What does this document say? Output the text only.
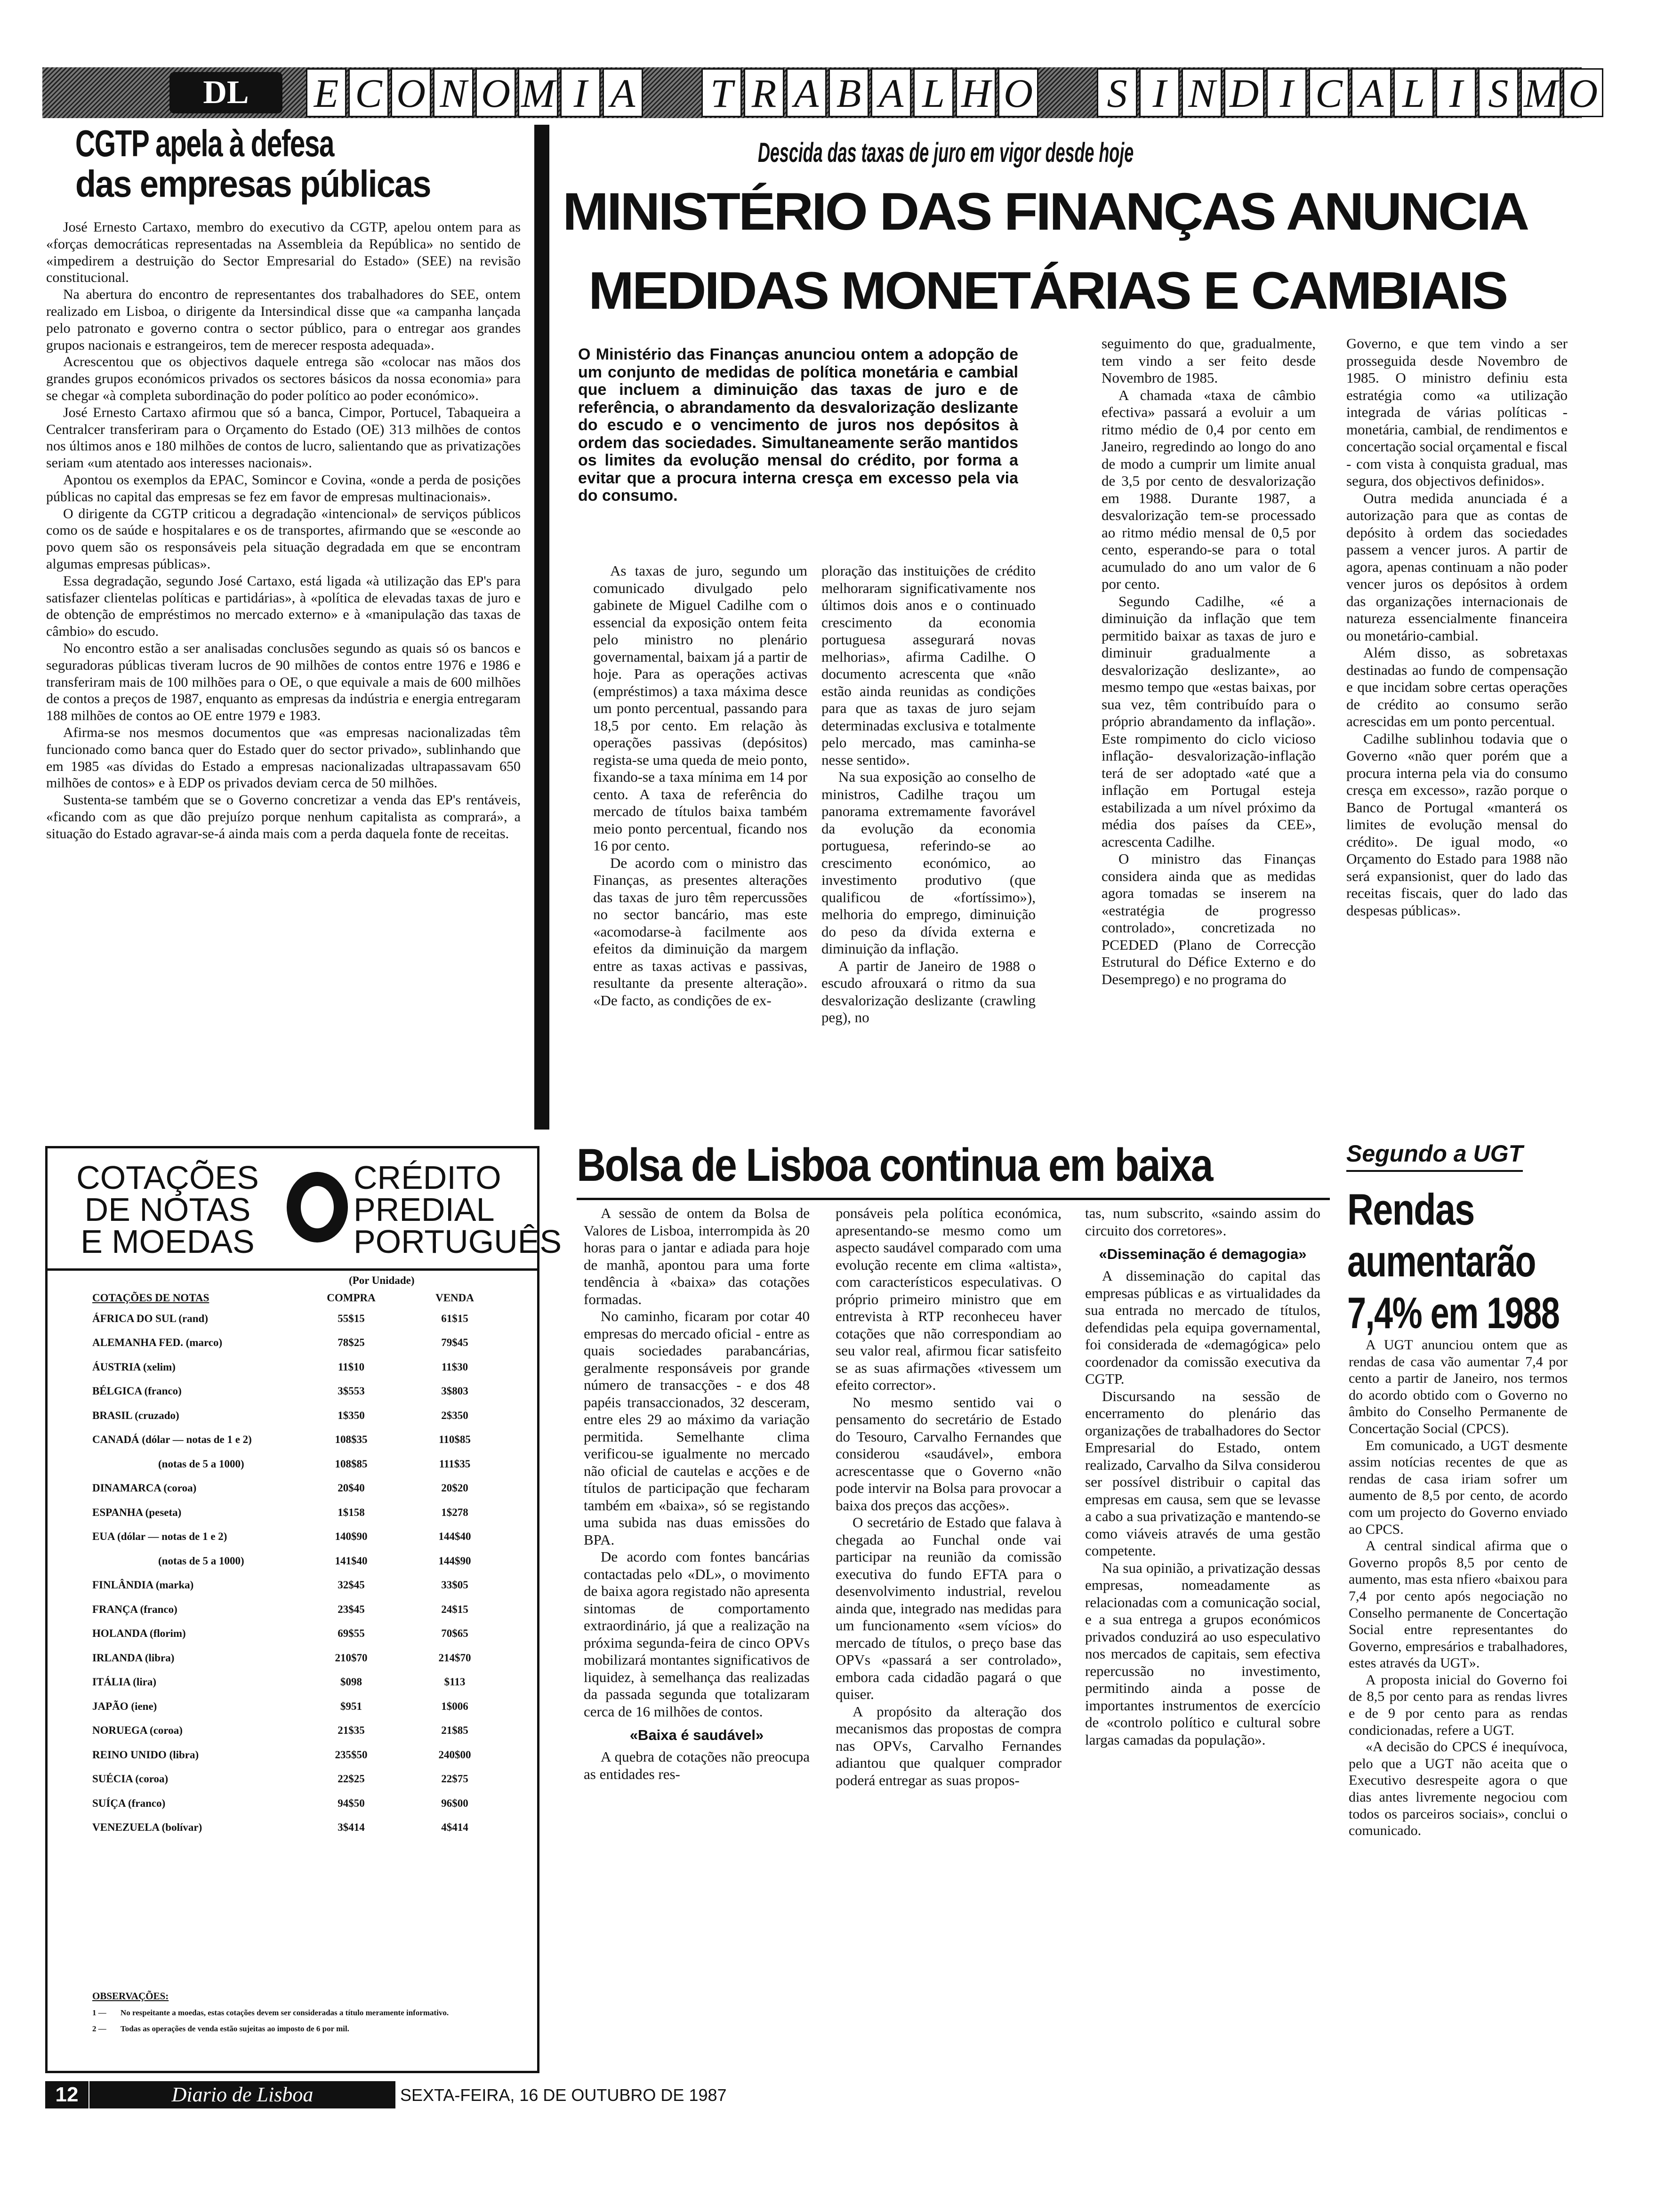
DL	E C O N O M I A T R A B A L H O S I N D I C A L I S M O
CGTP apela à defesa
das empresas públicas

José Ernesto Cartaxo, membro do executivo da CGTP, apelou ontem para as «forças democráticas representadas na Assembleia da República» no sentido de «impedirem a destruição do Sector Empresarial do Estado» (SEE) na revisão constitucional.

Na abertura do encontro de representantes dos trabalhadores do SEE, ontem realizado em Lisboa, o dirigente da Intersindical disse que «a campanha lançada pelo patronato e governo contra o sector público, para o entregar aos grandes grupos nacionais e estrangeiros, tem de merecer resposta adequada».

Acrescentou que os objectivos daquele entrega são «colocar nas mãos dos grandes grupos económicos privados os sectores básicos da nossa economia» para se chegar «à completa subordinação do poder político ao poder económico».

José Ernesto Cartaxo afirmou que só a banca, Cimpor, Portucel, Tabaqueira a Centralcer transferiram para o Orçamento do Estado (OE) 313 milhões de contos nos últimos anos e 180 milhões de contos de lucro, salientando que as privatizações seriam «um atentado aos interesses nacionais».

Apontou os exemplos da EPAC, Somincor e Covina, «onde a perda de posições públicas no capital das empresas se fez em favor de empresas multinacionais».

O dirigente da CGTP criticou a degradação «intencional» de serviços públicos como os de saúde e hospitalares e os de transportes, afirmando que se «esconde ao povo quem são os responsáveis pela situação degradada em que se encontram algumas empresas públicas».

Essa degradação, segundo José Cartaxo, está ligada «à utilização das EP's para satisfazer clientelas políticas e partidárias», à «política de elevadas taxas de juro e de obtenção de empréstimos no mercado externo» e à «manipulação das taxas de câmbio» do escudo.

No encontro estão a ser analisadas conclusões segundo as quais só os bancos e seguradoras públicas tiveram lucros de 90 milhões de contos entre 1976 e 1986 e transferiram mais de 100 milhões para o OE, o que equivale a mais de 600 milhões de contos a preços de 1987, enquanto as empresas da indústria e energia entregaram 188 milhões de contos ao OE entre 1979 e 1983.

Afirma-se nos mesmos documentos que «as empresas nacionalizadas têm funcionado como banca quer do Estado quer do sector privado», sublinhando que em 1985 «as dívidas do Estado a empresas nacionalizadas ultrapassavam 650 milhões de contos» e à EDP os privados deviam cerca de 50 milhões.

Sustenta-se também que se o Governo concretizar a venda das EP's rentáveis, «ficando com as que dão prejuízo porque nenhum capitalista as comprará», a situação do Estado agravar-se-á ainda mais com a perda daquela fonte de receitas.

Descida das taxas de juro em vigor desde hoje
MINISTÉRIO DAS FINANÇAS ANUNCIA
MEDIDAS MONETÁRIAS E CAMBIAIS
O Ministério das Finanças anunciou ontem a adopção de um conjunto de medidas de política monetária e cambial que incluem a diminuição das taxas de juro e de referência, o abrandamento da desvalorização deslizante do escudo e o vencimento de juros nos depósitos à ordem das sociedades. Simultaneamente serão mantidos os limites da evolução mensal do crédito, por forma a evitar que a procura interna cresça em excesso pela via do consumo.

As taxas de juro, segundo um comunicado divulgado pelo gabinete de Miguel Cadilhe com o essencial da exposição ontem feita pelo ministro no plenário governamental, baixam já a partir de hoje. Para as operações activas (empréstimos) a taxa máxima desce um ponto percentual, passando para 18,5 por cento. Em relação às operações passivas (depósitos) regista-se uma queda de meio ponto, fixando-se a taxa mínima em 14 por cento. A taxa de referência do mercado de títulos baixa também meio ponto percentual, ficando nos 16 por cento.

De acordo com o ministro das Finanças, as presentes alterações das taxas de juro têm repercussões no sector bancário, mas este «acomodarse-à facilmente aos efeitos da diminuição da margem entre as taxas activas e passivas, resultante da presente alteração». «De facto, as condições de ex-

ploração das instituições de crédito melhoraram significativamente nos últimos dois anos e o continuado crescimento da economia portuguesa assegurará novas melhorias», afirma Cadilhe. O documento acrescenta que «não estão ainda reunidas as condições para que as taxas de juro sejam determinadas exclusiva e totalmente pelo mercado, mas caminha-se nesse sentido».

Na sua exposição ao conselho de ministros, Cadilhe traçou um panorama extremamente favorável da evolução da economia portuguesa, referindo-se ao crescimento económico, ao investimento produtivo (que qualificou de «fortíssimo»), melhoria do emprego, diminuição do peso da dívida externa e diminuição da inflação.

A partir de Janeiro de 1988 o escudo afrouxará o ritmo da sua desvalorização deslizante (crawling peg), no

seguimento do que, gradualmente, tem vindo a ser feito desde Novembro de 1985.

A chamada «taxa de câmbio efectiva» passará a evoluir a um ritmo médio de 0,4 por cento em Janeiro, regredindo ao longo do ano de modo a cumprir um limite anual de 3,5 por cento de desvalorização em 1988. Durante 1987, a desvalorização tem-se processado ao ritmo médio mensal de 0,5 por cento, esperando-se para o total acumulado do ano um valor de 6 por cento.

Segundo Cadilhe, «é a diminuição da inflação que tem permitido baixar as taxas de juro e diminuir gradualmente a desvalorização deslizante», ao mesmo tempo que «estas baixas, por sua vez, têm contribuído para o próprio abrandamento da inflação». Este rompimento do ciclo vicioso inflação- desvalorização-inflação terá de ser adoptado «até que a inflação em Portugal esteja estabilizada a um nível próximo da média dos países da CEE», acrescenta Cadilhe.

O ministro das Finanças considera ainda que as medidas agora tomadas se inserem na «estratégia de progresso controlado», concretizada no PCEDED (Plano de Correcção Estrutural do Défice Externo e do Desemprego) e no programa do

Governo, e que tem vindo a ser prosseguida desde Novembro de 1985. O ministro definiu esta estratégia como «a utilização integrada de várias políticas - monetária, cambial, de rendimentos e concertação social orçamental e fiscal - com vista à conquista gradual, mas segura, dos objectivos definidos».

Outra medida anunciada é a autorização para que as contas de depósito à ordem das sociedades passem a vencer juros. A partir de agora, apenas continuam a não poder vencer juros os depósitos à ordem das organizações internacionais de natureza essencialmente financeira ou monetário-cambial.

Além disso, as sobretaxas destinadas ao fundo de compensação e que incidam sobre certas operações de crédito ao consumo serão acrescidas em um ponto percentual.

Cadilhe sublinhou todavia que o Governo «não quer porém que a procura interna pela via do consumo cresça em excesso», razão porque o Banco de Portugal «manterá os limites de evolução mensal do crédito». De igual modo, «o Orçamento do Estado para 1988 não será expansionist, quer do lado das receitas fiscais, quer do lado das despesas públicas».

COTAÇÕES
DE NOTAS
E MOEDAS
CRÉDITO
PREDIAL
PORTUGUÊS
(Por Unidade)
COTAÇÕES DE NOTAS	COMPRA	VENDA
ÁFRICA DO SUL (rand)	55$15	61$15
ALEMANHA FED. (marco)	78$25	79$45
ÁUSTRIA (xelim)	11$10	11$30
BÉLGICA (franco)	3$553	3$803
BRASIL (cruzado)	1$350	2$350
CANADÁ (dólar — notas de 1 e 2)	108$35	110$85
(notas de 5 a 1000)	108$85	111$35
DINAMARCA (coroa)	20$40	20$20
ESPANHA (peseta)	1$158	1$278
EUA (dólar — notas de 1 e 2)	140$90	144$40
(notas de 5 a 1000)	141$40	144$90
FINLÂNDIA (marka)	32$45	33$05
FRANÇA (franco)	23$45	24$15
HOLANDA (florim)	69$55	70$65
IRLANDA (libra)	210$70	214$70
ITÁLIA (lira)	$098	$113
JAPÃO (iene)	$951	1$006
NORUEGA (coroa)	21$35	21$85
REINO UNIDO (libra)	235$50	240$00
SUÉCIA (coroa)	22$25	22$75
SUÍÇA (franco)	94$50	96$00
VENEZUELA (bolívar)	3$414	4$414
OBSERVAÇÕES:
1 —	No respeitante a moedas, estas cotações devem ser consideradas a título meramente informativo.
2 —	Todas as operações de venda estão sujeitas ao imposto de 6 por mil.
Bolsa de Lisboa continua em baixa

A sessão de ontem da Bolsa de Valores de Lisboa, interrompida às 20 horas para o jantar e adiada para hoje de manhã, apontou para uma forte tendência à «baixa» das cotações formadas.

No caminho, ficaram por cotar 40 empresas do mercado oficial - entre as quais sociedades parabancárias, geralmente responsáveis por grande número de transacções - e dos 48 papéis transaccionados, 32 desceram, entre eles 29 ao máximo da variação permitida. Semelhante clima verificou-se igualmente no mercado não oficial de cautelas e acções e de títulos de participação que fecharam também em «baixa», só se registando uma subida nas duas emissões do BPA.

De acordo com fontes bancárias contactadas pelo «DL», o movimento de baixa agora registado não apresenta sintomas de comportamento extraordinário, já que a realização na próxima segunda-feira de cinco OPVs mobilizará montantes significativos de liquidez, à semelhança das realizadas da passada segunda que totalizaram cerca de 16 milhões de contos.

«Baixa é saudável»

A quebra de cotações não preocupa as entidades res-

ponsáveis pela política económica, apresentando-se mesmo como um aspecto saudável comparado com uma evolução recente em clima «altista», com característicos especulativas. O próprio primeiro ministro que em entrevista à RTP reconheceu haver cotações que não correspondiam ao seu valor real, afirmou ficar satisfeito se as suas afirmações «tivessem um efeito corrector».

No mesmo sentido vai o pensamento do secretário de Estado do Tesouro, Carvalho Fernandes que considerou «saudável», embora acrescentasse que o Governo «não pode intervir na Bolsa para provocar a baixa dos preços das acções».

O secretário de Estado que falava à chegada ao Funchal onde vai participar na reunião da comissão executiva do fundo EFTA para o desenvolvimento industrial, revelou ainda que, integrado nas medidas para um funcionamento «sem vícios» do mercado de títulos, o preço base das OPVs «passará a ser controlado», embora cada cidadão pagará o que quiser.

A propósito da alteração dos mecanismos das propostas de compra nas OPVs, Carvalho Fernandes adiantou que qualquer comprador poderá entregar as suas propos-

tas, num subscrito, «saindo assim do circuito dos corretores».

«Disseminação é demagogia»

A disseminação do capital das empresas públicas e as virtualidades da sua entrada no mercado de títulos, defendidas pela equipa governamental, foi considerada de «demagógica» pelo coordenador da comissão executiva da CGTP.

Discursando na sessão de encerramento do plenário das organizações de trabalhadores do Sector Empresarial do Estado, ontem realizado, Carvalho da Silva considerou ser possível distribuir o capital das empresas em causa, sem que se levasse a cabo a sua privatização e mantendo-se como viáveis através de uma gestão competente.

Na sua opinião, a privatização dessas empresas, nomeadamente as relacionadas com a comunicação social, e a sua entrega a grupos económicos privados conduzirá ao uso especulativo nos mercados de capitais, sem efectiva repercussão no investimento, permitindo ainda a posse de importantes instrumentos de exercício de «controlo político e cultural sobre largas camadas da população».

Segundo a UGT
Rendas
aumentarão
7,4% em 1988

A UGT anunciou ontem que as rendas de casa vão aumentar 7,4 por cento a partir de Janeiro, nos termos do acordo obtido com o Governo no âmbito do Conselho Permanente de Concertação Social (CPCS).

Em comunicado, a UGT desmente assim notícias recentes de que as rendas de casa iriam sofrer um aumento de 8,5 por cento, de acordo com um projecto do Governo enviado ao CPCS.

A central sindical afirma que o Governo propôs 8,5 por cento de aumento, mas esta nfiero «baixou para 7,4 por cento após negociação no Conselho permanente de Concertação Social entre representantes do Governo, empresários e trabalhadores, estes através da UGT».

A proposta inicial do Governo foi de 8,5 por cento para as rendas livres e de 9 por cento para as rendas condicionadas, refere a UGT.

«A decisão do CPCS é inequívoca, pelo que a UGT não aceita que o Executivo desrespeite agora o que dias antes livremente negociou com todos os parceiros sociais», conclui o comunicado.

12	Diario de Lisboa	SEXTA-FEIRA, 16 DE OUTUBRO DE 1987
